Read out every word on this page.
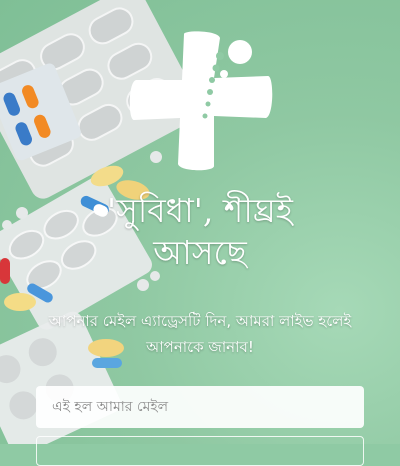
'সুবিধা', শীঘ্রই
আসছে
আপনার মেইল এ্যাড্রেসটি দিন, আমরা লাইভ হলেই আপনাকে জানাব!
এই হল আমার মেইল
